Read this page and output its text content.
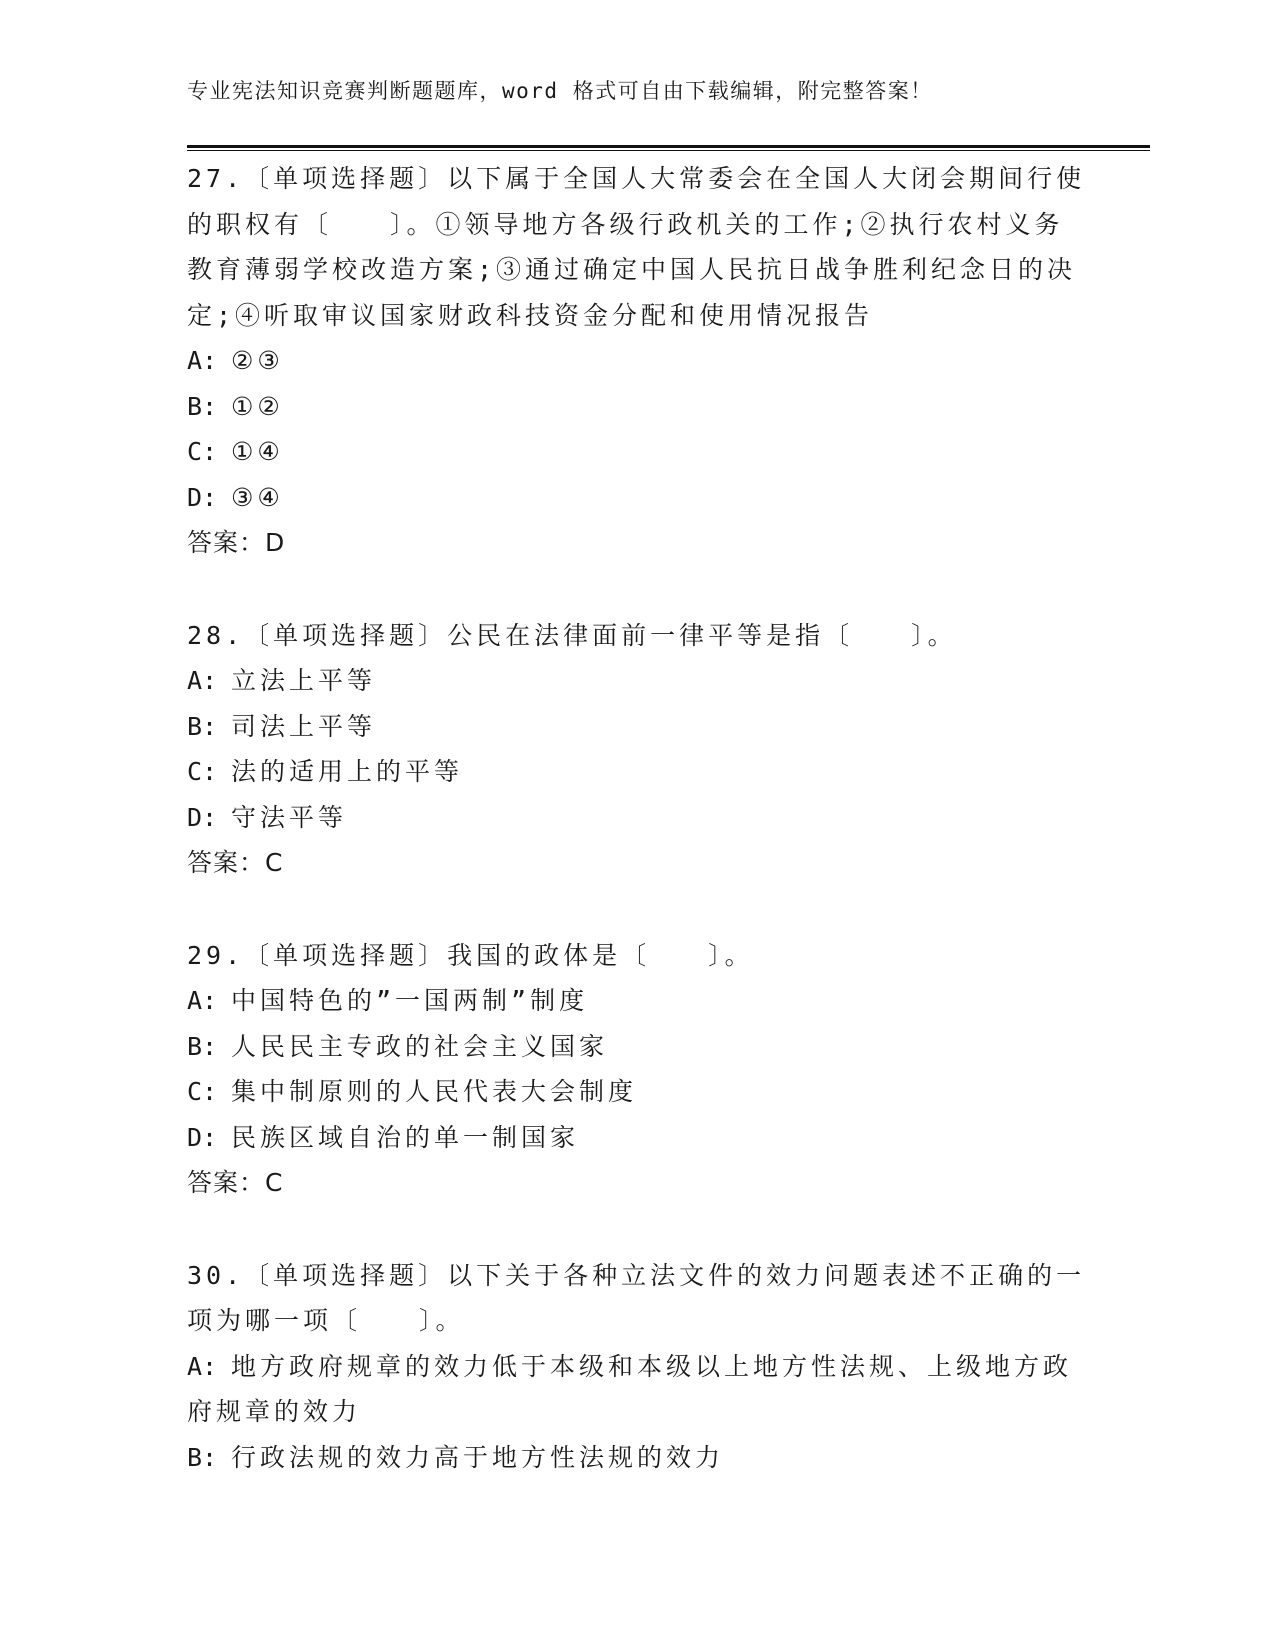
专业宪法知识竞赛判断题题库，word 格式可自由下载编辑，附完整答案！
27.〔单项选择题〕以下属于全国人大常委会在全国人大闭会期间行使
的职权有〔　　〕。①领导地方各级行政机关的工作;②执行农村义务
教育薄弱学校改造方案;③通过确定中国人民抗日战争胜利纪念日的决
定;④听取审议国家财政科技资金分配和使用情况报告
A: ②③
B: ①②
C: ①④
D: ③④
答案：D
28.〔单项选择题〕公民在法律面前一律平等是指〔　　〕。
A: 立法上平等
B: 司法上平等
C: 法的适用上的平等
D: 守法平等
答案：C
29.〔单项选择题〕我国的政体是〔　　〕。
A: 中国特色的”一国两制”制度
B: 人民民主专政的社会主义国家
C: 集中制原则的人民代表大会制度
D: 民族区域自治的单一制国家
答案：C
30.〔单项选择题〕以下关于各种立法文件的效力问题表述不正确的一
项为哪一项〔　　〕。
A: 地方政府规章的效力低于本级和本级以上地方性法规、上级地方政
府规章的效力
B: 行政法规的效力高于地方性法规的效力
